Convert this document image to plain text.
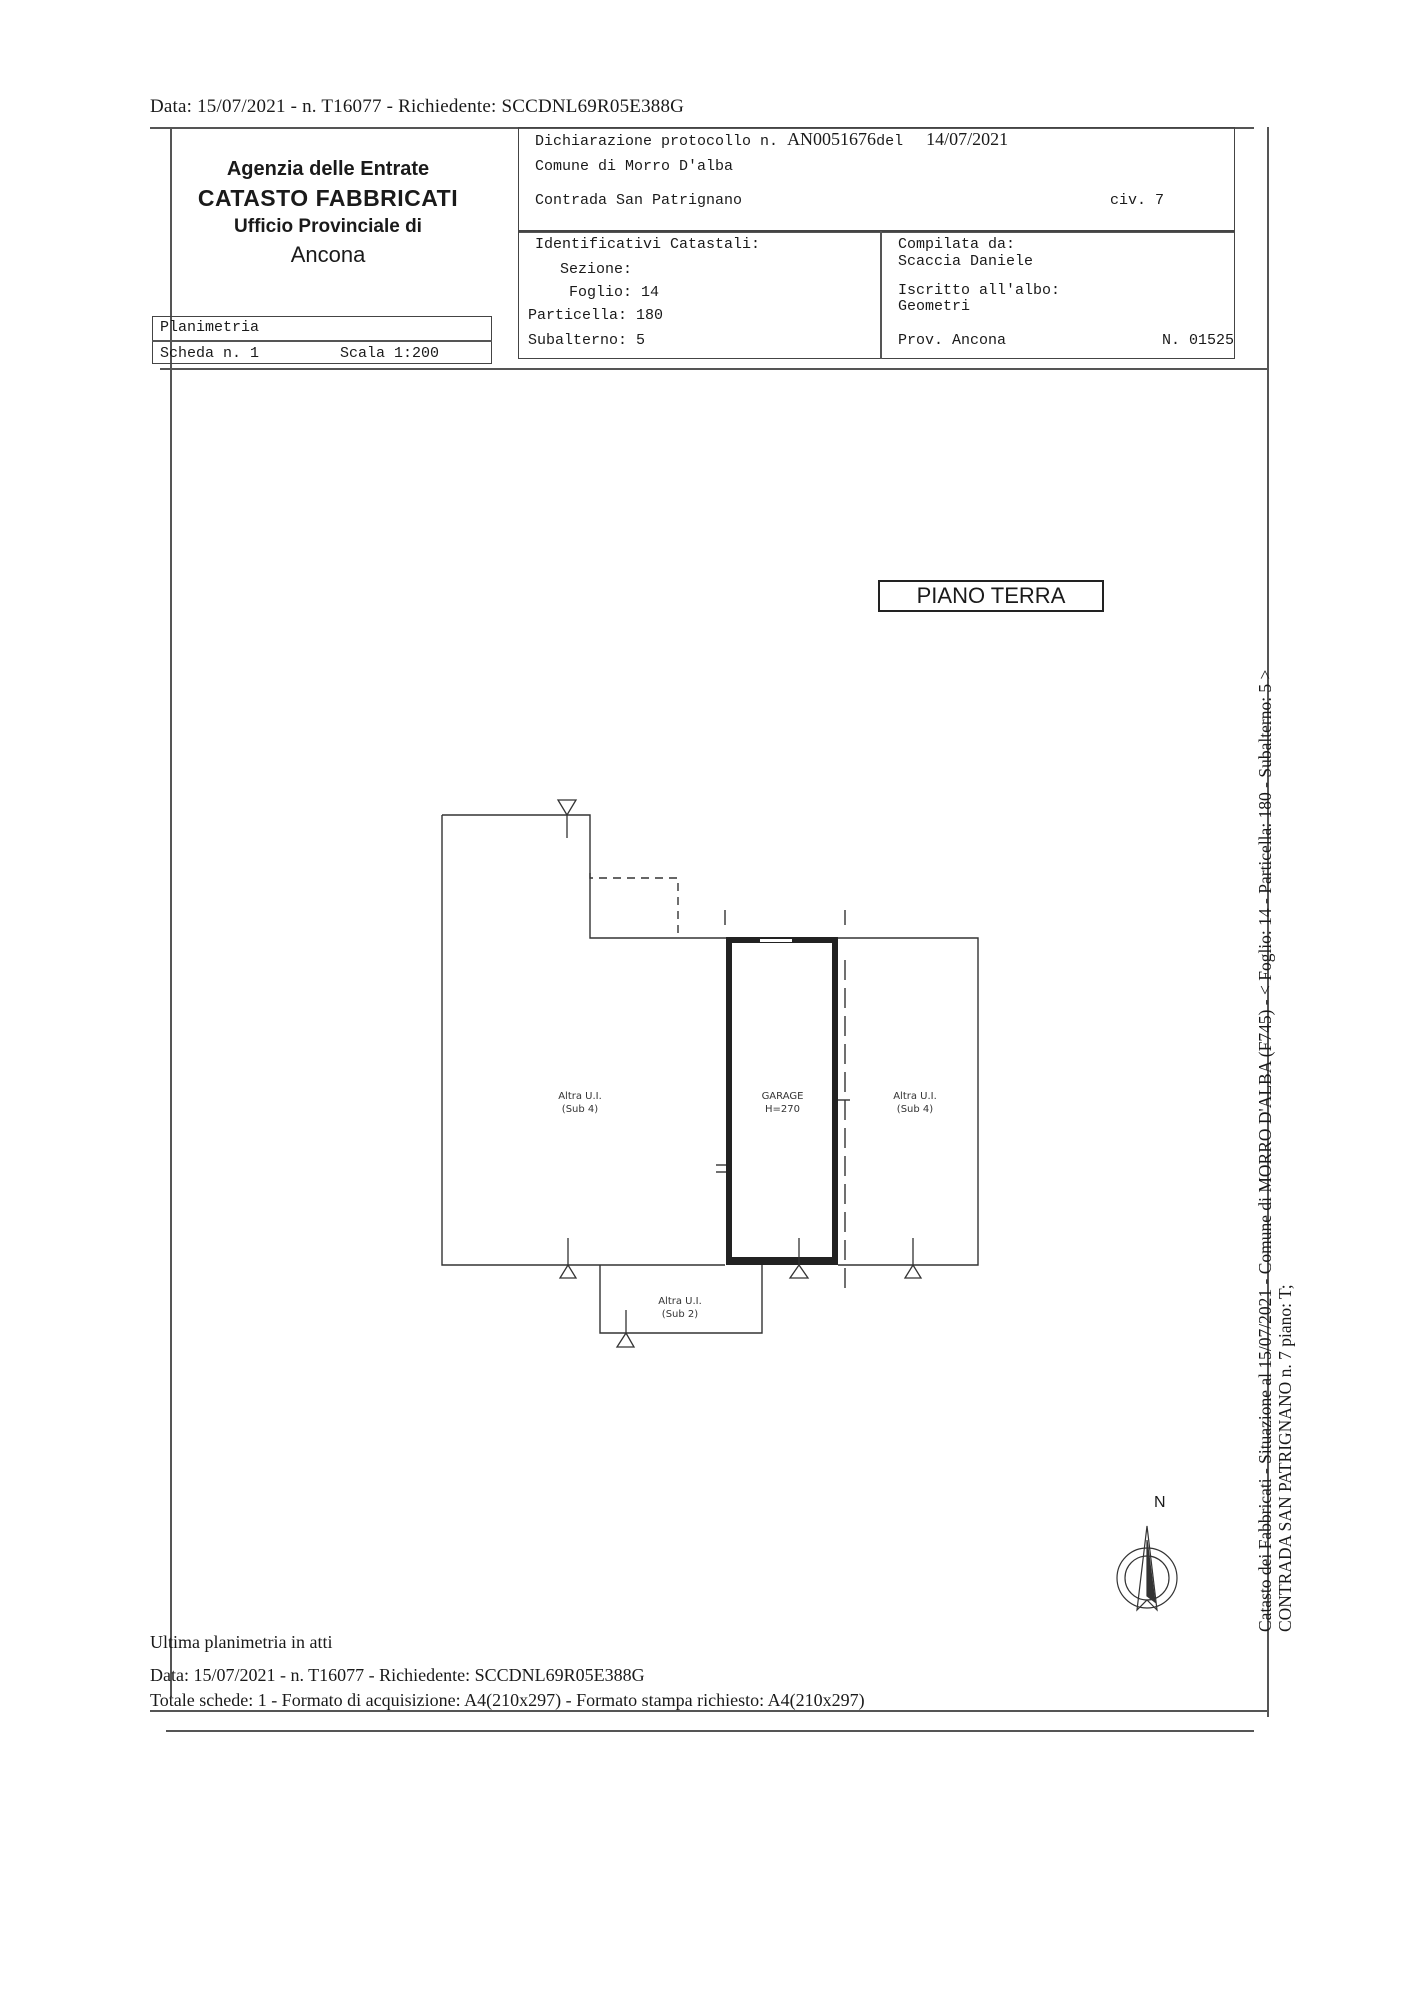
Data: 15/07/2021 - n. T16077 - Richiedente: SCCDNL69R05E388G
Agenzia delle Entrate
CATASTO FABBRICATI
Ufficio Provinciale di
Ancona
Dichiarazione protocollo n. AN0051676del 14/07/2021
Comune di Morro D'alba
Contrada San Patrignano	civ. 7
Identificativi Catastali:
Sezione:
Foglio: 14
Particella: 180
Subalterno: 5
Compilata da:
Scaccia Daniele
Iscritto all'albo:
Geometri
Prov. Ancona	N. 01525
Planimetria
Scheda n. 1	Scala 1:200
PIANO TERRA
Altra U.I.
(Sub 4)
GARAGE
H=270
Altra U.I.
(Sub 4)
Altra U.I.
(Sub 2)
N
Ultima planimetria in atti
Data: 15/07/2021 - n. T16077 - Richiedente: SCCDNL69R05E388G
Totale schede: 1 - Formato di acquisizione: A4(210x297) - Formato stampa richiesto: A4(210x297)
Catasto dei Fabbricati - Situazione al 15/07/2021 - Comune di MORRO D'ALBA (F745) - < Foglio: 14 - Particella: 180 - Subalterno: 5 > CONTRADA SAN PATRIGNANO n. 7 piano: T;
